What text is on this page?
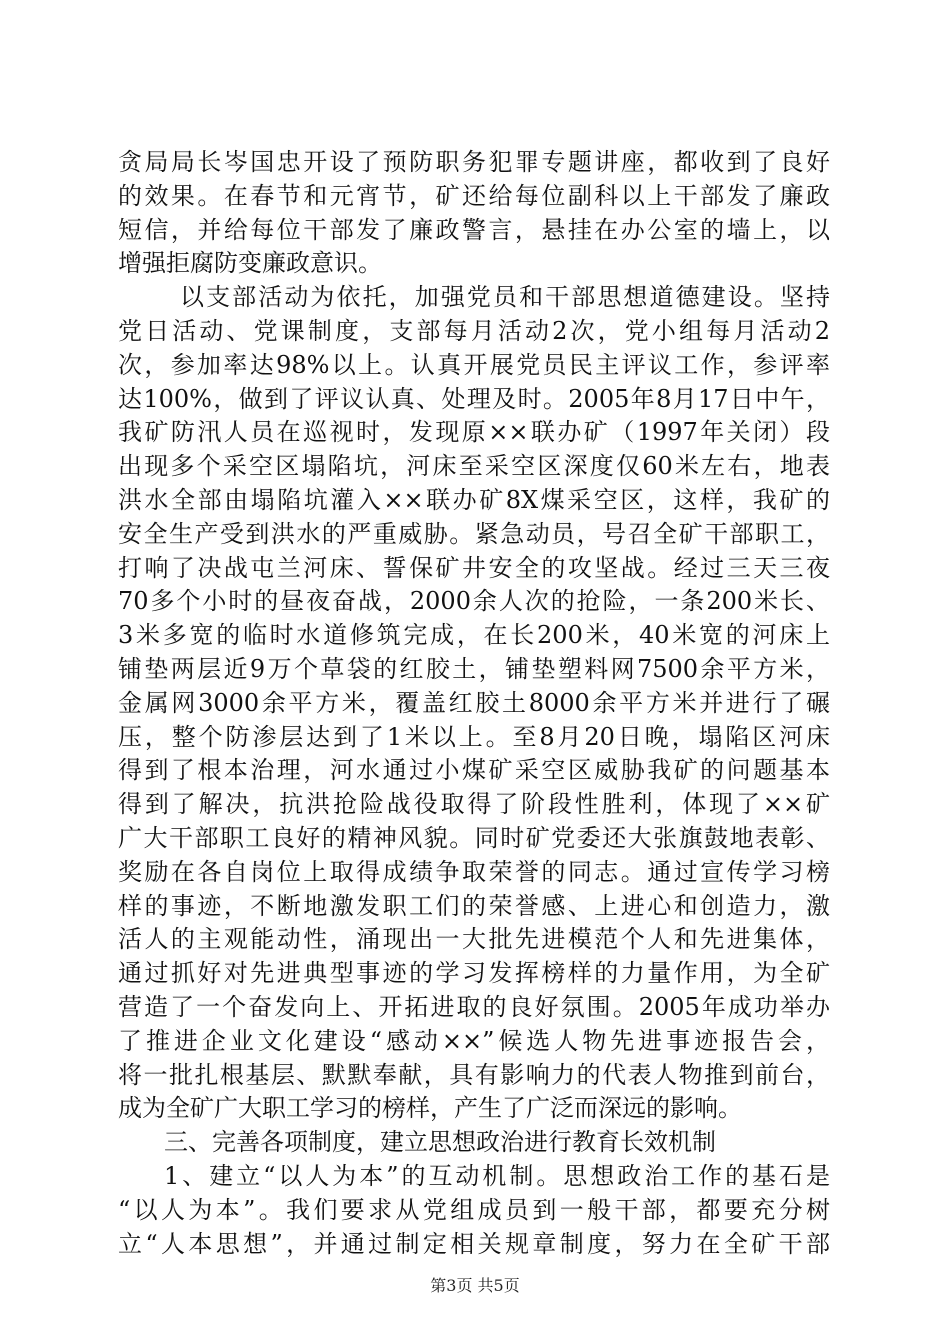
贪局局长岑国忠开设了预防职务犯罪专题讲座，都收到了良好
的效果。在春节和元宵节，矿还给每位副科以上干部发了廉政
短信，并给每位干部发了廉政警言，悬挂在办公室的墙上，以
增强拒腐防变廉政意识。
以支部活动为依托，加强党员和干部思想道德建设。坚持
党日活动、党课制度，支部每月活动2次，党小组每月活动2
次，参加率达98%以上。认真开展党员民主评议工作，参评率
达100%，做到了评议认真、处理及时。2005年8月17日中午，
我矿防汛人员在巡视时，发现原××联办矿（1997年关闭）段
出现多个采空区塌陷坑，河床至采空区深度仅60米左右，地表
洪水全部由塌陷坑灌入××联办矿8X煤采空区，这样，我矿的
安全生产受到洪水的严重威胁。紧急动员，号召全矿干部职工，
打响了决战屯兰河床、誓保矿井安全的攻坚战。经过三天三夜
70多个小时的昼夜奋战，2000余人次的抢险，一条200米长、
3米多宽的临时水道修筑完成，在长200米，40米宽的河床上
铺垫两层近9万个草袋的红胶土，铺垫塑料网7500余平方米，
金属网3000余平方米，覆盖红胶土8000余平方米并进行了碾
压，整个防渗层达到了1米以上。至8月20日晚，塌陷区河床
得到了根本治理，河水通过小煤矿采空区威胁我矿的问题基本
得到了解决，抗洪抢险战役取得了阶段性胜利，体现了××矿
广大干部职工良好的精神风貌。同时矿党委还大张旗鼓地表彰、
奖励在各自岗位上取得成绩争取荣誉的同志。通过宣传学习榜
样的事迹，不断地激发职工们的荣誉感、上进心和创造力，激
活人的主观能动性，涌现出一大批先进模范个人和先进集体，
通过抓好对先进典型事迹的学习发挥榜样的力量作用，为全矿
营造了一个奋发向上、开拓进取的良好氛围。2005年成功举办
了推进企业文化建设“感动××”候选人物先进事迹报告会，
将一批扎根基层、默默奉献，具有影响力的代表人物推到前台，
成为全矿广大职工学习的榜样，产生了广泛而深远的影响。
三、完善各项制度，建立思想政治进行教育长效机制
1、建立“以人为本”的互动机制。思想政治工作的基石是
“以人为本”。我们要求从党组成员到一般干部，都要充分树
立“人本思想”，并通过制定相关规章制度，努力在全矿干部
第3页 共5页
